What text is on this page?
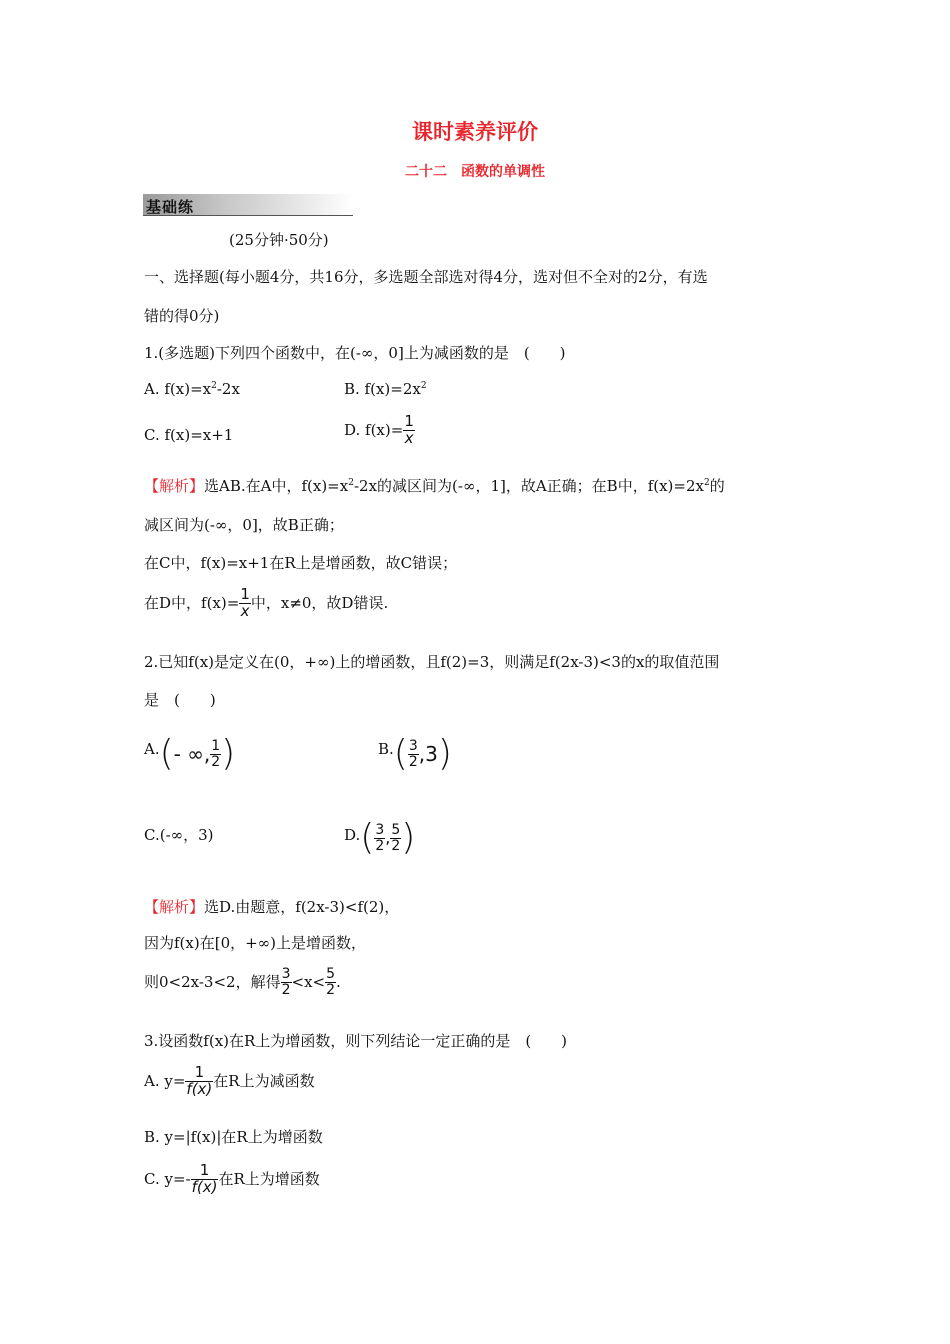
课时素养评价
二十二　函数的单调性
基础练
(25分钟·50分)
一、选择题(每小题4分，共16分，多选题全部选对得4分，选对但不全对的2分，有选
错的得0分)
1.(多选题)下列四个函数中，在(-∞，0]上为减函数的是　(　　)
A. $f(x)=x^2-2x$	B. $f(x)=2x^2$
C. f(x)=x+1	D. $f(x)= \frac{1}{x}$
【解析】选AB.在A中，$f(x)=x^2-2x$的减区间为(-∞，1]，故A正确；在B中，$f(x)=2x^2$的
减区间为(-∞，0]，故B正确；
在C中，f(x)=x+1在R上是增函数，故C错误；
在D中，$f(x)= \frac{1}{x}$ 中，x≠0，故D错误.
2.已知f(x)是定义在(0，+∞)上的增函数，且f(2)=3，则满足f(2x-3)<3的x的取值范围
是　(　　)
A. ( - ∞, $\frac{1}{2}$ )	B. ( $\frac{3}{2} ,3$ )
C.(-∞，3)	D. ( $\frac{3}{2}$ , $\frac{5}{2}$ )
【解析】选D.由题意，f(2x-3)<f(2)，
因为f(x)在[0，+∞)上是增函数，
则0<2x-3<2，解得 $\frac{3}{2} <x< \frac{5}{2}$ .
3.设函数f(x)在R上为增函数，则下列结论一定正确的是　(　　)
A. $y= \frac{1}{f(x)}$ 在R上为减函数
B. y=|f(x)|在R上为增函数
C. $y=- \frac{1}{f(x)}$ 在R上为增函数
